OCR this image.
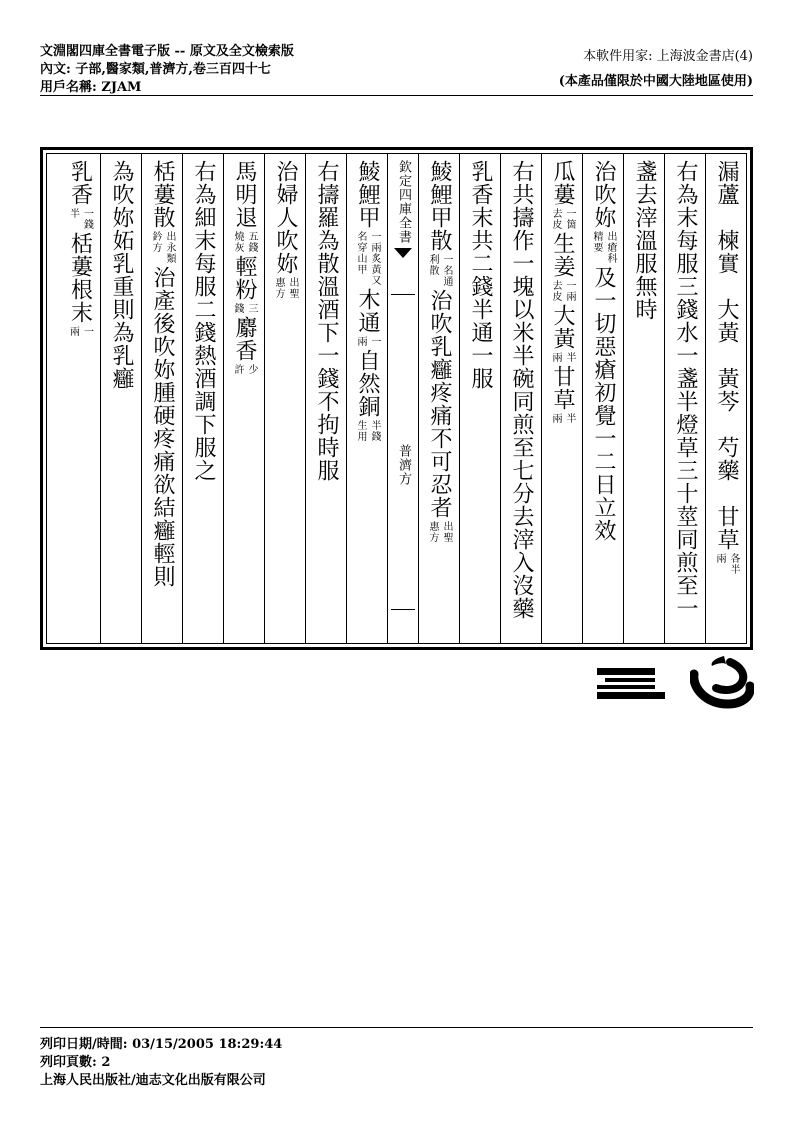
文淵閣四庫全書電子版 -- 原文及全文檢索版
內文: 子部,醫家類,普濟方,卷三百四十七
用戶名稱: ZJAM
本軟件用家: 上海波金書店(4)
(本產品僅限於中國大陸地區使用)
漏蘆　楝實　大黃　黃芩　芍藥　甘草
各半
兩
右為末每服三錢水一盞半燈草三十莖同煎至一
盞去滓溫服無時
治吹妳
出瘡科
精要
及一切惡瘡初覺一二日立效
瓜蔞
一箇
去皮
生姜
一兩
去皮
大黃
半
兩
甘草
半
兩
右共擣作一塊以米半碗同煎至七分去滓入沒藥
乳香末共二錢半通一服
鯪鯉甲散
一名通
利散
治吹乳癰疼痛不可忍者
出聖
惠方
欽定四庫全書
普濟方
鯪鯉甲
一兩炙黃又
名穿山甲
木通
一
兩
自然銅
半錢
生用
右擣羅為散溫酒下一錢不拘時服
治婦人吹妳
出聖
惠方
馬明退
五錢
燒灰
輕粉
三
錢
麝香
少
許
右為細末每服二錢熱酒調下服之
栝蔞散
出永類
鈐方
治產後吹妳腫硬疼痛欲結癰輕則
為吹妳妬乳重則為乳癰
乳香
一錢
半
栝蔞根末
一
兩
列印日期/時間: 03/15/2005 18:29:44
列印頁數: 2
上海人民出版社/迪志文化出版有限公司
